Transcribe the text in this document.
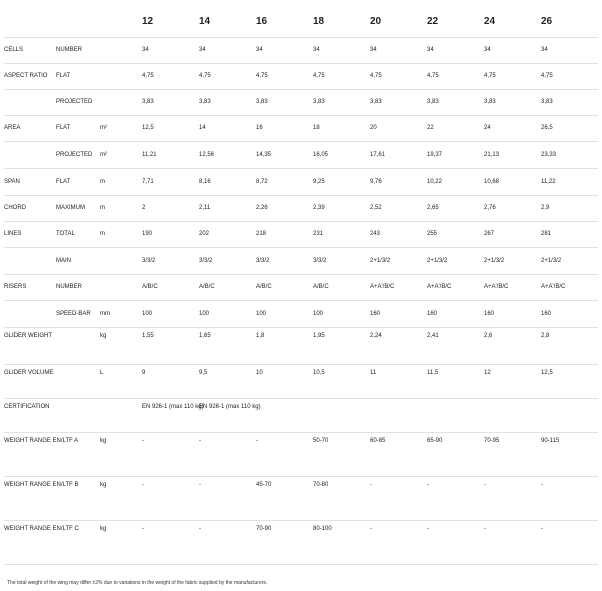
			12	14	16	18	20	22	24	26
CELLS	NUMBER		34	34	34	34	34	34	34	34
ASPECT RATIO	FLAT		4,75	4,75	4,75	4,75	4,75	4,75	4,75	4,75
	PROJECTED		3,83	3,83	3,83	3,83	3,83	3,83	3,83	3,83
AREA	FLAT	m²	12,5	14	16	18	20	22	24	26,5
	PROJECTED	m²	11,21	12,56	14,35	16,05	17,61	19,37	21,13	23,33
SPAN	FLAT	m	7,71	8,16	8,72	9,25	9,76	10,22	10,68	11,22
CHORD	MAXIMUM	m	2	2,11	2,26	2,39	2,52	2,65	2,76	2,9
LINES	TOTAL	m	190	202	218	231	243	255	267	281
	MAIN		3/3/2	3/3/2	3/3/2	3/3/2	2+1/3/2	2+1/3/2	2+1/3/2	2+1/3/2
RISERS	NUMBER		A/B/C	A/B/C	A/B/C	A/B/C	A+A'/B/C	A+A'/B/C	A+A'/B/C	A+A'/B/C
	SPEED-BAR	mm	100	100	100	100	160	160	160	160
GLIDER WEIGHT		kg	1,55	1,65	1,8	1,95	2,24	2,41	2,6	2,8
GLIDER VOLUME		L	9	9,5	10	10,5	11	11,5	12	12,5
CERTIFICATION			EN 926-1 (max 110 kg)	EN 926-1 (max 110 kg)						
WEIGHT RANGE EN/LTF A		kg	-	-	-	50-70	60-85	65-90	70-95	90-115
WEIGHT RANGE EN/LTF B		kg	-	-	45-70	70-80	-	-	-	-
WEIGHT RANGE EN/LTF C		kg	-	-	70-90	80-100	-	-	-	-
The total weight of the wing may differ ±2% due to variations in the weight of the fabric supplied by the manufacturers.
